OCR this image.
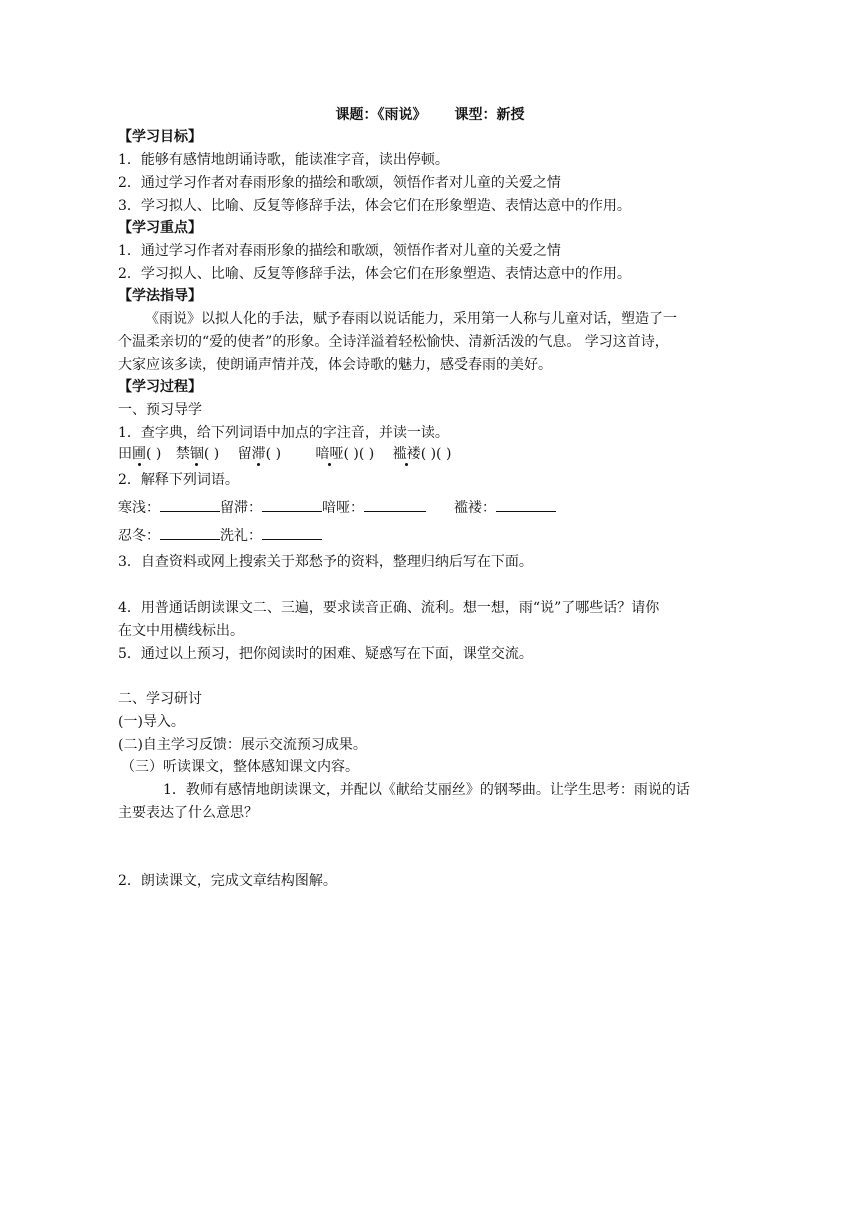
课题：《雨说》 课型：新授
【学习目标】
1．能够有感情地朗诵诗歌，能读准字音，读出停顿。
2．通过学习作者对春雨形象的描绘和歌颂，领悟作者对儿童的关爱之情
3．学习拟人、比喻、反复等修辞手法，体会它们在形象塑造、表情达意中的作用。
【学习重点】
1．通过学习作者对春雨形象的描绘和歌颂，领悟作者对儿童的关爱之情
2．学习拟人、比喻、反复等修辞手法，体会它们在形象塑造、表情达意中的作用。
【学法指导】
《雨说》以拟人化的手法，赋予春雨以说话能力，采用第一人称与儿童对话，塑造了一
个温柔亲切的“爱的使者”的形象。全诗洋溢着轻松愉快、清新活泼的气息。 学习这首诗，
大家应该多读，使朗诵声情并茂，体会诗歌的魅力，感受春雨的美好。
【学习过程】
一、预习导学
1．查字典，给下列词语中加点的字注音，并读一读。
田圃( ) 禁锢( ) 留滞( ) 喑哑( )( ) 褴褛( )( )
2．解释下列词语。
寒浅：	留滞：	喑哑：	褴褛：
忍冬：	洗礼：
3．自查资料或网上搜索关于郑愁予的资料，整理归纳后写在下面。
4．用普通话朗读课文二、三遍，要求读音正确、流利。想一想，雨“说”了哪些话？请你
在文中用横线标出。
5．通过以上预习，把你阅读时的困难、疑惑写在下面，课堂交流。
二、学习研讨
(一)导入。
(二)自主学习反馈：展示交流预习成果。
（三）听读课文，整体感知课文内容。
1．教师有感情地朗读课文，并配以《献给艾丽丝》的钢琴曲。让学生思考：雨说的话
主要表达了什么意思？
2．朗读课文，完成文章结构图解。
